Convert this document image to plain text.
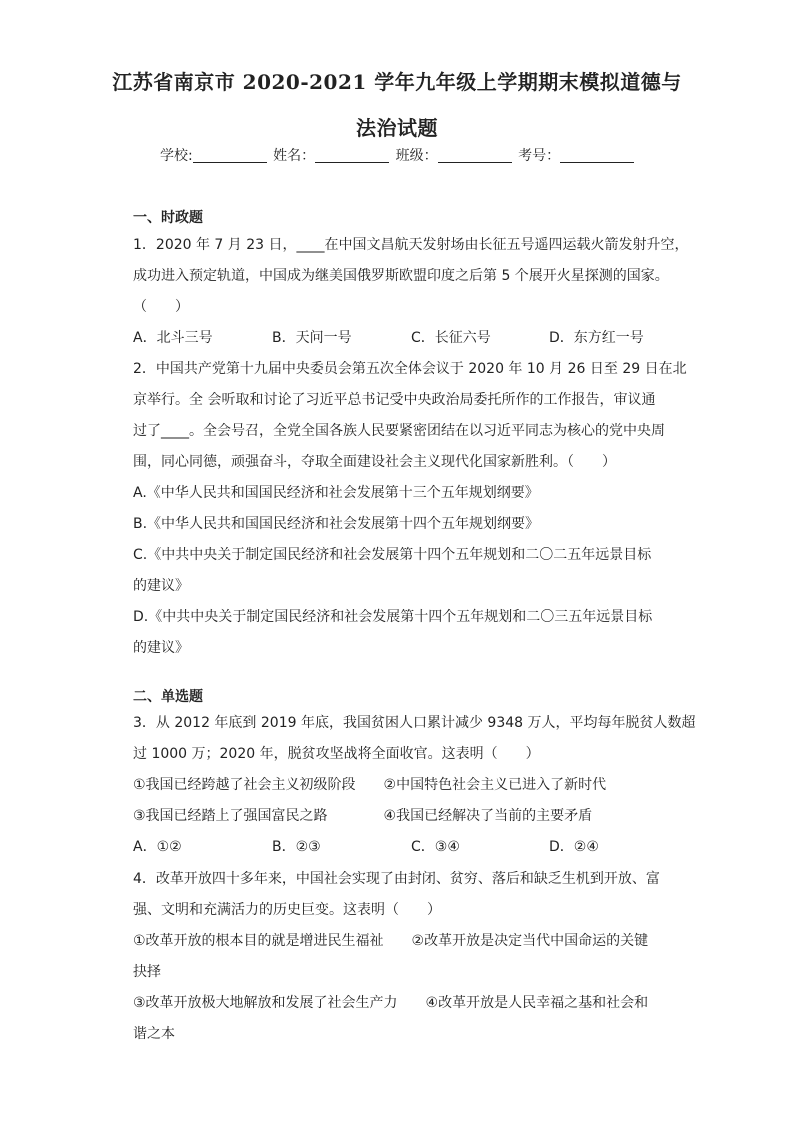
江苏省南京市 2020-2021 学年九年级上学期期末模拟道德与
法治试题
学校:	姓名：	班级：	考号：
一、时政题
1．2020 年 7 月 23 日，____在中国文昌航天发射场由长征五号遥四运载火箭发射升空，
成功进入预定轨道，中国成为继美国俄罗斯欧盟印度之后第 5 个展开火星探测的国家。
（　　）
A．北斗三号	B．天问一号	C．长征六号	D．东方红一号
2．中国共产党第十九届中央委员会第五次全体会议于 2020 年 10 月 26 日至 29 日在北
京举行。全 会听取和讨论了习近平总书记受中央政治局委托所作的工作报告，审议通
过了____。全会号召，全党全国各族人民要紧密团结在以习近平同志为核心的党中央周
围，同心同德，顽强奋斗，夺取全面建设社会主义现代化国家新胜利。（　　）
A.《中华人民共和国国民经济和社会发展第十三个五年规划纲要》
B.《中华人民共和国国民经济和社会发展第十四个五年规划纲要》
C.《中共中央关于制定国民经济和社会发展第十四个五年规划和二〇二五年远景目标
的建议》
D.《中共中央关于制定国民经济和社会发展第十四个五年规划和二〇三五年远景目标
的建议》
二、单选题
3．从 2012 年底到 2019 年底，我国贫困人口累计减少 9348 万人，平均每年脱贫人数超
过 1000 万；2020 年，脱贫攻坚战将全面收官。这表明（　　）
①我国已经跨越了社会主义初级阶段　　②中国特色社会主义已进入了新时代
③我国已经踏上了强国富民之路　　　　④我国已经解决了当前的主要矛盾
A．①②	B．②③	C．③④	D．②④
4．改革开放四十多年来，中国社会实现了由封闭、贫穷、落后和缺乏生机到开放、富
强、文明和充满活力的历史巨变。这表明（　　）
①改革开放的根本目的就是增进民生福祉　　②改革开放是决定当代中国命运的关键
抉择
③改革开放极大地解放和发展了社会生产力　　④改革开放是人民幸福之基和社会和
谐之本
